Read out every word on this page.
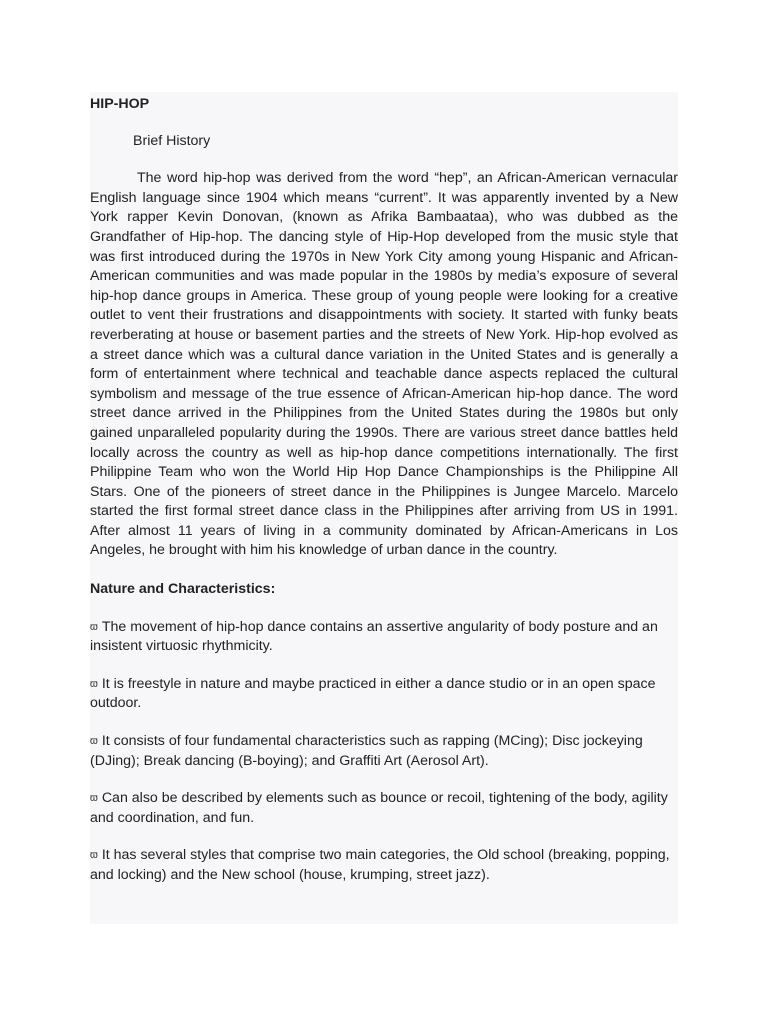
HIP-HOP

Brief History

The word hip-hop was derived from the word “hep”, an African-American vernacular English language since 1904 which means “current”. It was apparently invented by a New York rapper Kevin Donovan, (known as Afrika Bambaataa), who was dubbed as the Grandfather of Hip-hop. The dancing style of Hip-Hop developed from the music style that was first introduced during the 1970s in New York City among young Hispanic and African-American communities and was made popular in the 1980s by media’s exposure of several hip-hop dance groups in America. These group of young people were looking for a creative outlet to vent their frustrations and disappointments with society. It started with funky beats reverberating at house or basement parties and the streets of New York. Hip-hop evolved as a street dance which was a cultural dance variation in the United States and is generally a form of entertainment where technical and teachable dance aspects replaced the cultural symbolism and message of the true essence of African-American hip-hop dance. The word street dance arrived in the Philippines from the United States during the 1980s but only gained unparalleled popularity during the 1990s. There are various street dance battles held locally across the country as well as hip-hop dance competitions internationally. The first Philippine Team who won the World Hip Hop Dance Championships is the Philippine All Stars. One of the pioneers of street dance in the Philippines is Jungee Marcelo. Marcelo started the first formal street dance class in the Philippines after arriving from US in 1991. After almost 11 years of living in a community dominated by African-Americans in Los Angeles, he brought with him his knowledge of urban dance in the country.

Nature and Characteristics:

ϖ The movement of hip-hop dance contains an assertive angularity of body posture and an insistent virtuosic rhythmicity.

ϖ It is freestyle in nature and maybe practiced in either a dance studio or in an open space outdoor.

ϖ It consists of four fundamental characteristics such as rapping (MCing); Disc jockeying (DJing); Break dancing (B-boying); and Graffiti Art (Aerosol Art).

ϖ Can also be described by elements such as bounce or recoil, tightening of the body, agility and coordination, and fun.

ϖ It has several styles that comprise two main categories, the Old school (breaking, popping, and locking) and the New school (house, krumping, street jazz).
